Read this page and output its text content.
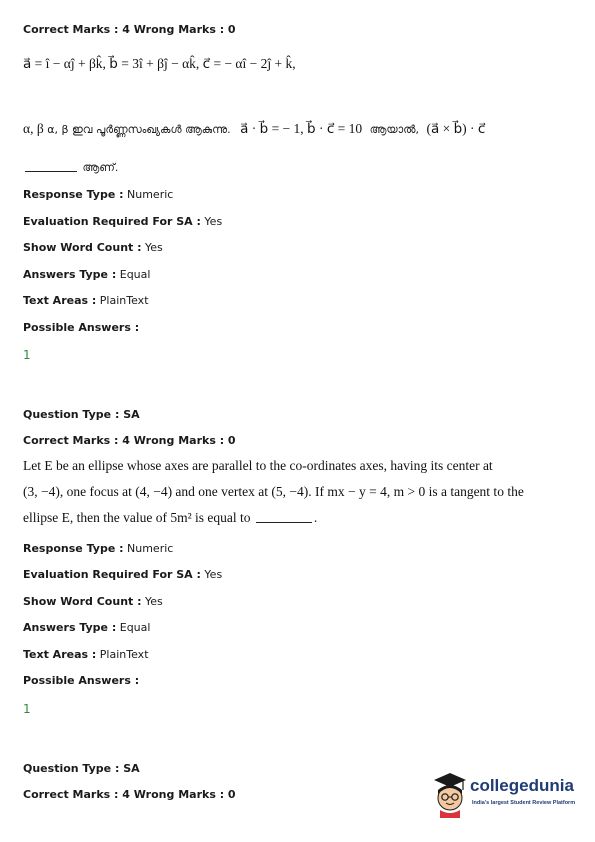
Correct Marks : 4 Wrong Marks : 0
a⃗ = î − αĵ + βk̂, b⃗ = 3î + βĵ − αk̂, c⃗ = − αî − 2ĵ + k̂,
α, β α, β ഇവ പൂർണ്ണസംഖ്യകൾ ആകുന്നു. a⃗ · b⃗ = − 1, b⃗ · c⃗ = 10 ആയാൽ, (a⃗ × b⃗) · c⃗
ആണ്.
Response Type : Numeric
Evaluation Required For SA : Yes
Show Word Count : Yes
Answers Type : Equal
Text Areas : PlainText
Possible Answers :
1
Question Type : SA
Correct Marks : 4 Wrong Marks : 0
Let E be an ellipse whose axes are parallel to the co-ordinates axes, having its center at
(3, −4), one focus at (4, −4) and one vertex at (5, −4). If mx − y = 4, m > 0 is a tangent to the
ellipse E, then the value of 5m² is equal to	.
Response Type : Numeric
Evaluation Required For SA : Yes
Show Word Count : Yes
Answers Type : Equal
Text Areas : PlainText
Possible Answers :
1
Question Type : SA
Correct Marks : 4 Wrong Marks : 0	collegedunia
India's largest Student Review Platform
